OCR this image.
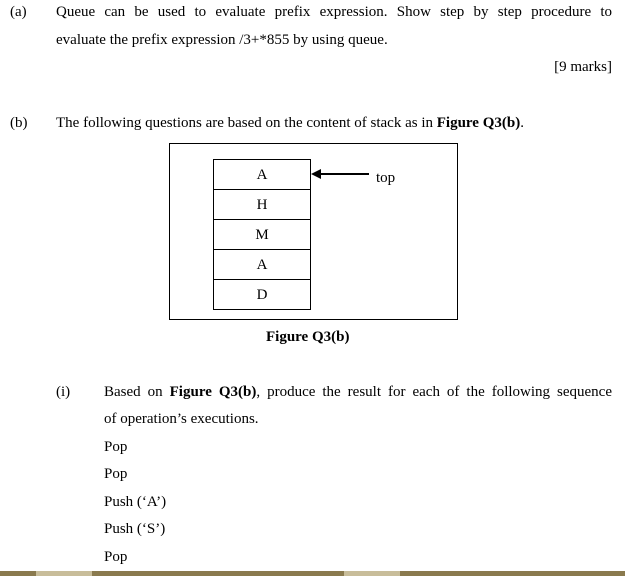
(a) Queue can be used to evaluate prefix expression. Show step by step procedure to
evaluate the prefix expression /3+*855 by using queue.
[9 marks]
(b) The following questions are based on the content of stack as in Figure Q3(b).
A
H
M
A
D
top
Figure Q3(b)
(i) Based on Figure Q3(b), produce the result for each of the following sequence
of operation’s executions.
Pop
Pop
Push (‘A’)
Push (‘S’)
Pop
